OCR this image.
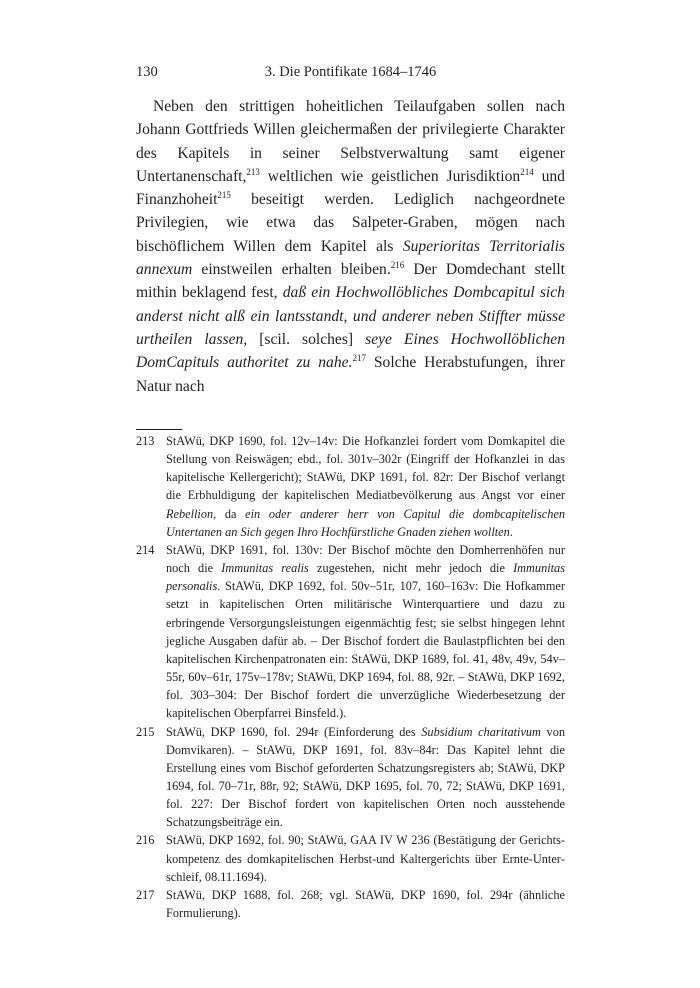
130	3. Die Pontifikate 1684–1746

Neben den strittigen hoheitlichen Teilaufgaben sollen nach Johann Gottfrieds Willen gleichermaßen der privilegierte Charakter des Kapitels in seiner Selbstverwaltung samt eigener Untertanenschaft,$^{213}$ weltlichen wie geistlichen Jurisdiktion$^{214}$ und Finanzhoheit$^{215}$ beseitigt werden. Lediglich nachgeordnete Privilegien, wie etwa das Salpeter-Graben, mögen nach bischöflichem Willen dem Kapitel als Superioritas Territorialis annexum einstweilen erhalten bleiben.$^{216}$ Der Domdechant stellt mithin beklagend fest, daß ein Hochwollöbliches Dombcapitul sich anderst nicht alß ein lantsstandt, und anderer neben Stiffter müsse urtheilen lassen, [scil. solches] seye Eines Hochwollöblichen DomCapituls authoritet zu nahe.$^{217}$ Solche Herabstufungen, ihrer Natur nach

213 StAWü, DKP 1690, fol. 12v–14v: Die Hofkanzlei fordert vom Domkapitel die Stellung von Reiswägen; ebd., fol. 301v–302r (Eingriff der Hofkanzlei in das kapitelische Kellergericht); StAWü, DKP 1691, fol. 82r: Der Bischof verlangt die Erbhuldigung der kapitelischen Mediatbevölkerung aus Angst vor einer Rebellion, da ein oder anderer herr von Capitul die dombcapitelischen Untertanen an Sich gegen Ihro Hochfürstliche Gnaden ziehen wollten.

214 StAWü, DKP 1691, fol. 130v: Der Bischof möchte den Domherrenhöfen nur noch die Immunitas realis zugestehen, nicht mehr jedoch die Immunitas personalis. StAWü, DKP 1692, fol. 50v–51r, 107, 160–163v: Die Hofkammer setzt in kapitelischen Orten militärische Winterquartiere und dazu zu erbringende Versorgungsleistungen eigenmächtig fest; sie selbst hingegen lehnt jegliche Ausgaben dafür ab. – Der Bischof fordert die Baulastpflichten bei den kapitelischen Kirchenpatronaten ein: StAWü, DKP 1689, fol. 41, 48v, 49v, 54v–55r, 60v–61r, 175v–178v; StAWü, DKP 1694, fol. 88, 92r. – StAWü, DKP 1692, fol. 303–304: Der Bischof fordert die unverzügliche Wiederbesetzung der kapitelischen Oberpfarrei Binsfeld.).

215 StAWü, DKP 1690, fol. 294r (Einforderung des Subsidium charitativum von Domvikaren). – StAWü, DKP 1691, fol. 83v–84r: Das Kapitel lehnt die Erstellung eines vom Bischof geforderten Schatzungsregisters ab; StAWü, DKP 1694, fol. 70–71r, 88r, 92; StAWü, DKP 1695, fol. 70, 72; StAWü, DKP 1691, fol. 227: Der Bischof fordert von kapitelischen Orten noch ausstehende Schatzungsbeiträge ein.

216 StAWü, DKP 1692, fol. 90; StAWü, GAA IV W 236 (Bestätigung der Gerichtskompetenz des domkapitelischen Herbst-und Kaltergerichts über Ernte-Unterschleif, 08.11.1694).

217 StAWü, DKP 1688, fol. 268; vgl. StAWü, DKP 1690, fol. 294r (ähnliche Formulierung).
